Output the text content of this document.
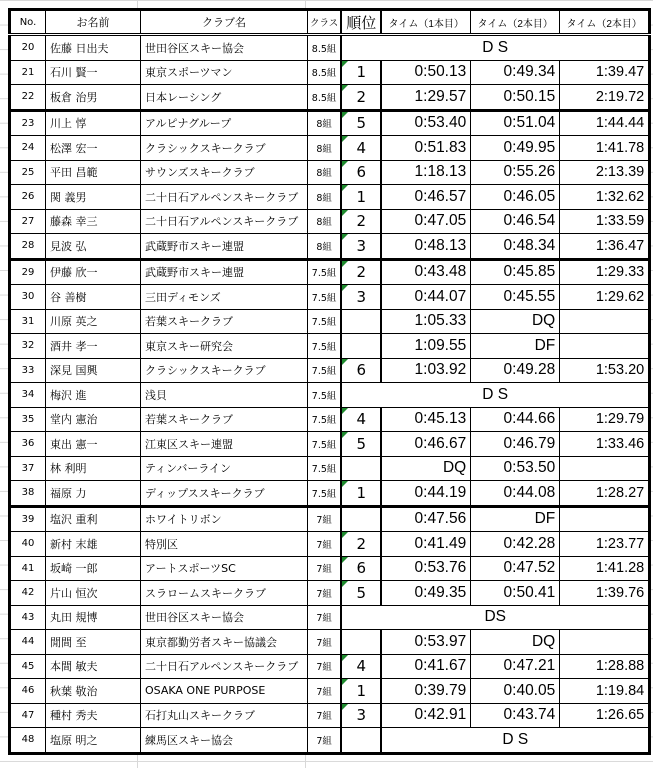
No.	お名前	クラブ名	クラス	順位	タイム（1本目）	タイム（2本目）	タイム（2本目）
20	佐藤 日出夫	世田谷区スキー協会	8.5組	D S			
21	石川 賢一	東京スポーツマン	8.5組	1	0:50.13	0:49.34	1:39.47
22	板倉 治男	日本レーシング	8.5組	2	1:29.57	0:50.15	2:19.72
23	川上 惇	アルピナグループ	8組	5	0:53.40	0:51.04	1:44.44
24	松澤 宏一	クラシックスキークラブ	8組	4	0:51.83	0:49.95	1:41.78
25	平田 昌範	サウンズスキークラブ	8組	6	1:18.13	0:55.26	2:13.39
26	関 義男	二十日石アルペンスキークラブ	8組	1	0:46.57	0:46.05	1:32.62
27	藤森 幸三	二十日石アルペンスキークラブ	8組	2	0:47.05	0:46.54	1:33.59
28	見波 弘	武蔵野市スキー連盟	8組	3	0:48.13	0:48.34	1:36.47
29	伊藤 欣一	武蔵野市スキー連盟	7.5組	2	0:43.48	0:45.85	1:29.33
30	谷 善樹	三田ディモンズ	7.5組	3	0:44.07	0:45.55	1:29.62
31	川原 英之	若葉スキークラブ	7.5組		1:05.33	DQ	
32	酒井 孝一	東京スキー研究会	7.5組		1:09.55	DF	
33	深見 国興	クラシックスキークラブ	7.5組	6	1:03.92	0:49.28	1:53.20
34	梅沢 進	浅貝	7.5組	D S			
35	堂内 憲治	若葉スキークラブ	7.5組	4	0:45.13	0:44.66	1:29.79
36	東出 憲一	江東区スキー連盟	7.5組	5	0:46.67	0:46.79	1:33.46
37	林 利明	ティンバーライン	7.5組		DQ	0:53.50	
38	福原 力	ディップススキークラブ	7.5組	1	0:44.19	0:44.08	1:28.27
39	塩沢 重利	ホワイトリボン	7組		0:47.56	DF	
40	新村 末雄	特別区	7組	2	0:41.49	0:42.28	1:23.77
41	坂崎 一郎	アートスポーツSC	7組	6	0:53.76	0:47.52	1:41.28
42	片山 恒次	スラロームスキークラブ	7組	5	0:49.35	0:50.41	1:39.76
43	丸田 規博	世田谷区スキー協会	7組	DS			
44	閒間 至	東京都勤労者スキー協議会	7組		0:53.97	DQ	
45	本間 敏夫	二十日石アルペンスキークラブ	7組	4	0:41.67	0:47.21	1:28.88
46	秋葉 敬治	OSAKA ONE PURPOSE	7組	1	0:39.79	0:40.05	1:19.84
47	種村 秀夫	石打丸山スキークラブ	7組	3	0:42.91	0:43.74	1:26.65
48	塩原 明之	練馬区スキー協会	7組		D S		
